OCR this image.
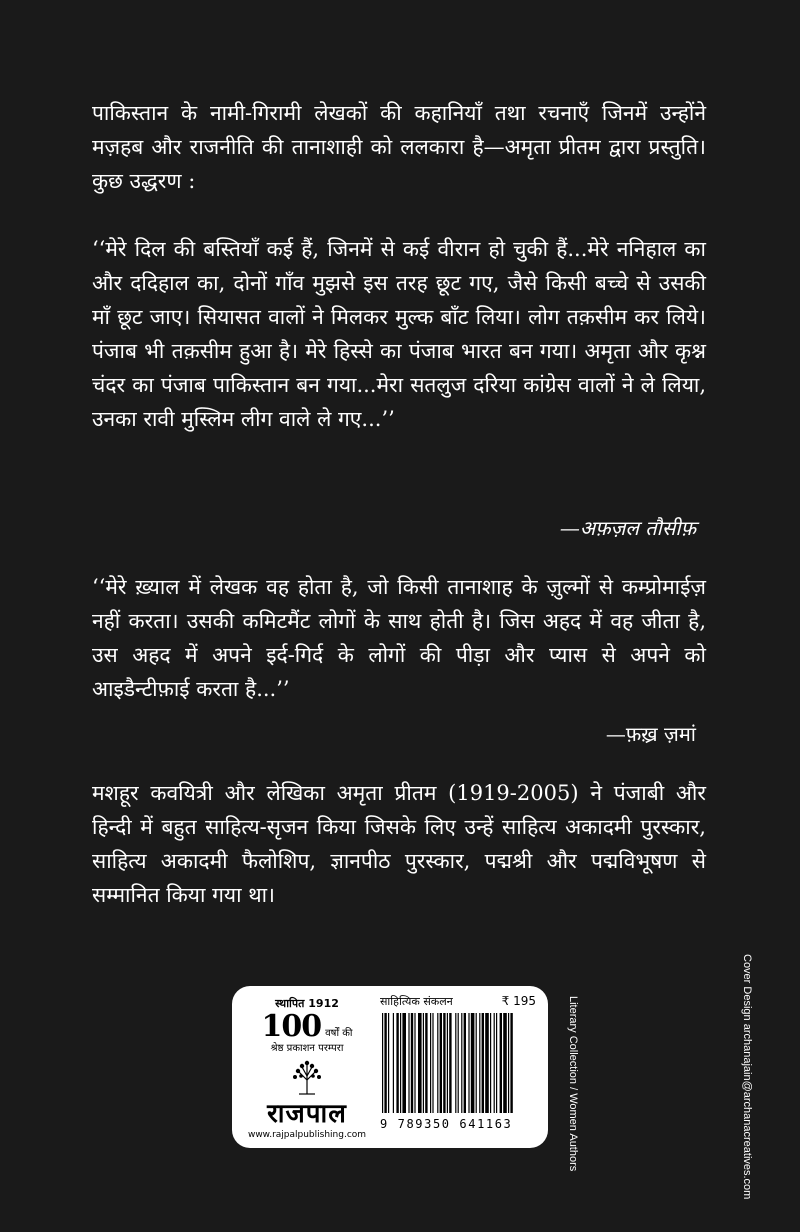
पाकिस्तान के नामी-गिरामी लेखकों की कहानियाँ तथा रचनाएँ जिनमें उन्होंने मज़हब और राजनीति की तानाशाही को ललकारा है—अमृता प्रीतम द्वारा प्रस्तुति। कुछ उद्धरण :

‘‘मेरे दिल की बस्तियाँ कई हैं, जिनमें से कई वीरान हो चुकी हैं...मेरे ननिहाल का और ददिहाल का, दोनों गाँव मुझसे इस तरह छूट गए, जैसे किसी बच्चे से उसकी माँ छूट जाए। सियासत वालों ने मिलकर मुल्क बाँट लिया। लोग तक़सीम कर लिये। पंजाब भी तक़सीम हुआ है। मेरे हिस्से का पंजाब भारत बन गया। अमृता और कृश्न चंदर का पंजाब पाकिस्तान बन गया...मेरा सतलुज दरिया कांग्रेस वालों ने ले लिया, उनका रावी मुस्लिम लीग वाले ले गए...’’

—अफ़ज़ल तौसीफ़

‘‘मेरे ख़्याल में लेखक वह होता है, जो किसी तानाशाह के ज़ुल्मों से कम्प्रोमाईज़ नहीं करता। उसकी कमिटमैंट लोगों के साथ होती है। जिस अहद में वह जीता है, उस अहद में अपने इर्द-गिर्द के लोगों की पीड़ा और प्यास से अपने को आइडैन्टीफ़ाई करता है...’’

—फ़ख़्र ज़मां

मशहूर कवयित्री और लेखिका अमृता प्रीतम (1919-2005) ने पंजाबी और हिन्दी में बहुत साहित्य-सृजन किया जिसके लिए उन्हें साहित्य अकादमी पुरस्कार, साहित्य अकादमी फैलोशिप, ज्ञानपीठ पुरस्कार, पद्मश्री और पद्मविभूषण से सम्मानित किया गया था।

स्थापित 1912
100 वर्षों की
श्रेष्ठ प्रकाशन परम्परा
राजपाल
www.rajpalpublishing.com
साहित्यिक संकलन	₹ 195
9 789350 641163	Literary Collection / Women Authors	Cover Design archanajain@archanacreatives.com
